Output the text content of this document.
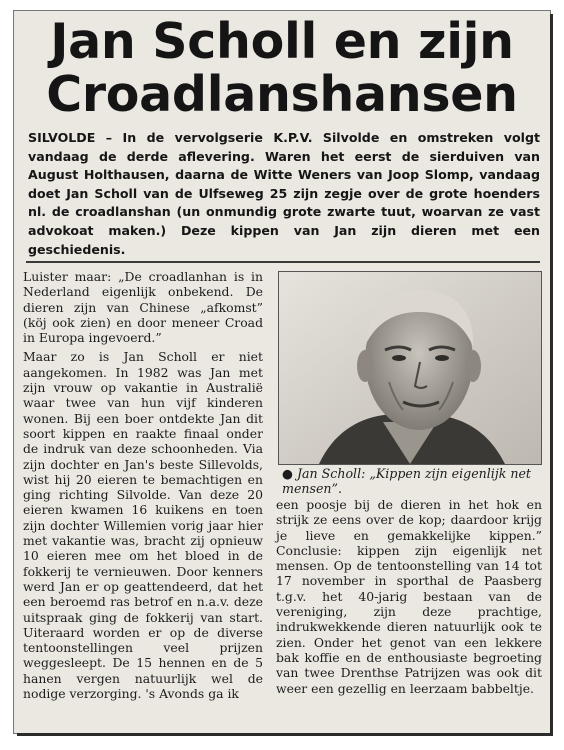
Jan Scholl en zijn
Croadlanshansen
SILVOLDE – In de vervolgserie K.P.V. Silvolde en omstreken volgt vandaag de derde aflevering. Waren het eerst de sierduiven van August Holthausen, daarna de Witte Weners van Joop Slomp, vandaag doet Jan Scholl van de Ulfseweg 25 zijn zegje over de grote hoenders nl. de croadlanshan (un onmundig grote zwarte tuut, woarvan ze vast advokoat maken.) Deze kippen van Jan zijn dieren met een geschiedenis.

Luister maar: „De croadlanhan is in Nederland eigenlijk onbekend. De dieren zijn van Chinese „afkomst” (köj ook zien) en door meneer Croad in Europa ingevoerd.”

Maar zo is Jan Scholl er niet aangekomen. In 1982 was Jan met zijn vrouw op vakantie in Australië waar twee van hun vijf kinderen wonen. Bij een boer ontdekte Jan dit soort kippen en raakte finaal onder de indruk van deze schoonheden. Via zijn dochter en Jan's beste Sillevolds, wist hij 20 eieren te bemachtigen en ging richting Silvolde. Van deze 20 eieren kwamen 16 kuikens en toen zijn dochter Willemien vorig jaar hier met vakantie was, bracht zij opnieuw 10 eieren mee om het bloed in de fokkerij te vernieuwen. Door kenners werd Jan er op geattendeerd, dat het een beroemd ras betrof en n.a.v. deze uitspraak ging de fokkerij van start. Uiteraard worden er op de diverse tentoonstellingen veel prijzen weggesleept. De 15 hennen en de 5 hanen vergen natuurlijk wel de nodige verzorging. 's Avonds ga ik

● Jan Scholl: „Kippen zijn eigenlijk net mensen”.

een poosje bij de dieren in het hok en strijk ze eens over de kop; daardoor krijg je lieve en gemakkelijke kippen.” Conclusie: kippen zijn eigenlijk net mensen. Op de tentoonstelling van 14 tot 17 november in sporthal de Paasberg t.g.v. het 40-jarig bestaan van de vereniging, zijn deze prachtige, indrukwekkende dieren natuurlijk ook te zien. Onder het genot van een lekkere bak koffie en de enthousiaste begroeting van twee Drenthse Patrijzen was ook dit weer een gezellig en leerzaam babbeltje.
